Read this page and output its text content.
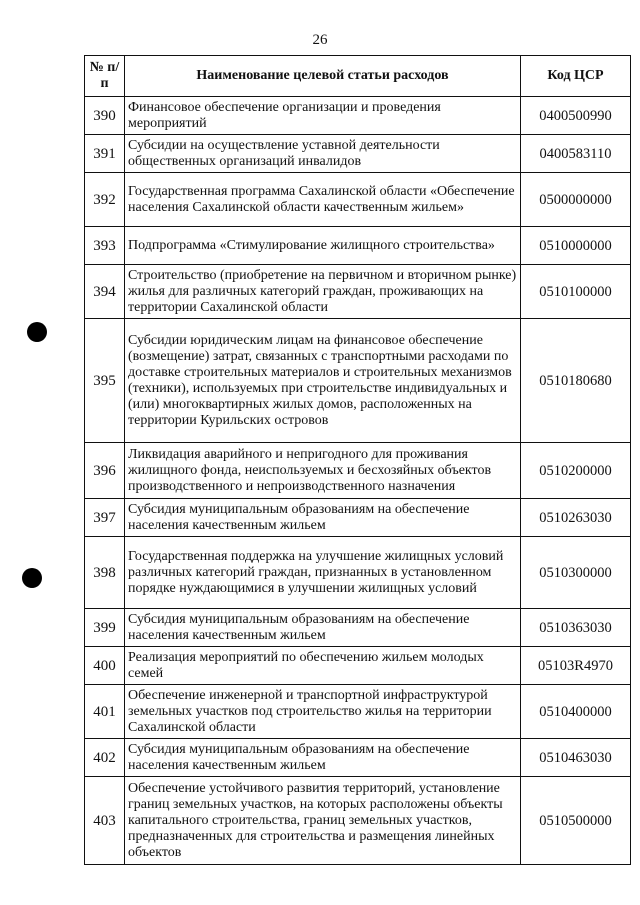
26
№ п/п	Наименование целевой статьи расходов	Код ЦСР
390	Финансовое обеспечение организации и проведения мероприятий	0400500990
391	Субсидии на осуществление уставной деятельности общественных организаций инвалидов	0400583110
392	Государственная программа Сахалинской области «Обеспечение населения Сахалинской области качественным жильем»	0500000000
393	Подпрограмма «Стимулирование жилищного строительства»	0510000000
394	Строительство (приобретение на первичном и вторичном рынке) жилья для различных категорий граждан, проживающих на территории Сахалинской области	0510100000
395	Субсидии юридическим лицам на финансовое обеспечение (возмещение) затрат, связанных с транспортными расходами по доставке строительных материалов и строительных механизмов (техники), используемых при строительстве индивидуальных и (или) многоквартирных жилых домов, расположенных на территории Курильских островов	0510180680
396	Ликвидация аварийного и непригодного для проживания жилищного фонда, неиспользуемых и бесхозяйных объектов производственного и непроизводственного назначения	0510200000
397	Субсидия муниципальным образованиям на обеспечение населения качественным жильем	0510263030
398	Государственная поддержка на улучшение жилищных условий различных категорий граждан, признанных в установленном порядке нуждающимися в улучшении жилищных условий	0510300000
399	Субсидия муниципальным образованиям на обеспечение населения качественным жильем	0510363030
400	Реализация мероприятий по обеспечению жильем молодых семей	05103R4970
401	Обеспечение инженерной и транспортной инфраструктурой земельных участков под строительство жилья на территории Сахалинской области	0510400000
402	Субсидия муниципальным образованиям на обеспечение населения качественным жильем	0510463030
403	Обеспечение устойчивого развития территорий, установление границ земельных участков, на которых расположены объекты капитального строительства, границ земельных участков, предназначенных для строительства и размещения линейных объектов	0510500000
